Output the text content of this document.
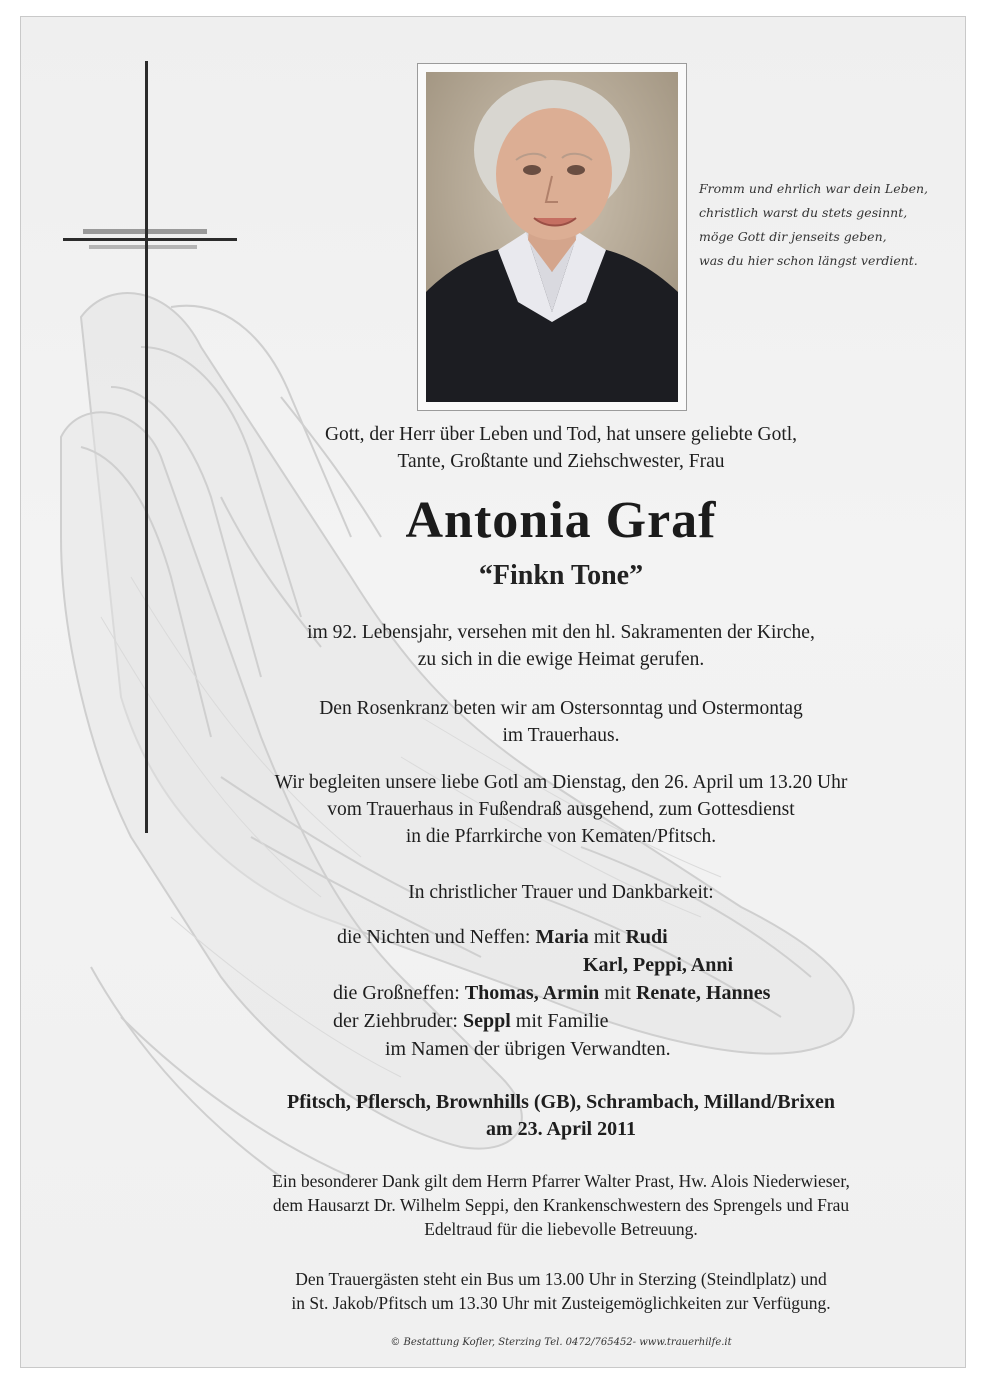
Fromm und ehrlich war dein Leben,
christlich warst du stets gesinnt,
möge Gott dir jenseits geben,
was du hier schon längst verdient.
Gott, der Herr über Leben und Tod, hat unsere geliebte Gotl,
Tante, Großtante und Ziehschwester, Frau
Antonia Graf
“Finkn Tone”
im 92. Lebensjahr, versehen mit den hl. Sakramenten der Kirche,
zu sich in die ewige Heimat gerufen.
Den Rosenkranz beten wir am Ostersonntag und Ostermontag
im Trauerhaus.
Wir begleiten unsere liebe Gotl am Dienstag, den 26. April um 13.20 Uhr
vom Trauerhaus in Fußendraß ausgehend, zum Gottesdienst
in die Pfarrkirche von Kematen/Pfitsch.
In christlicher Trauer und Dankbarkeit:
die Nichten und Neffen: Maria mit Rudi
Karl, Peppi, Anni
die Großneffen: Thomas, Armin mit Renate, Hannes
der Ziehbruder: Seppl mit Familie
im Namen der übrigen Verwandten.
Pfitsch, Pflersch, Brownhills (GB), Schrambach, Milland/Brixen
am 23. April 2011
Ein besonderer Dank gilt dem Herrn Pfarrer Walter Prast, Hw. Alois Niederwieser,
dem Hausarzt Dr. Wilhelm Seppi, den Krankenschwestern des Sprengels und Frau
Edeltraud für die liebevolle Betreuung.
Den Trauergästen steht ein Bus um 13.00 Uhr in Sterzing (Steindlplatz) und
in St. Jakob/Pfitsch um 13.30 Uhr mit Zusteigemöglichkeiten zur Verfügung.
© Bestattung Kofler, Sterzing Tel. 0472/765452- www.trauerhilfe.it
